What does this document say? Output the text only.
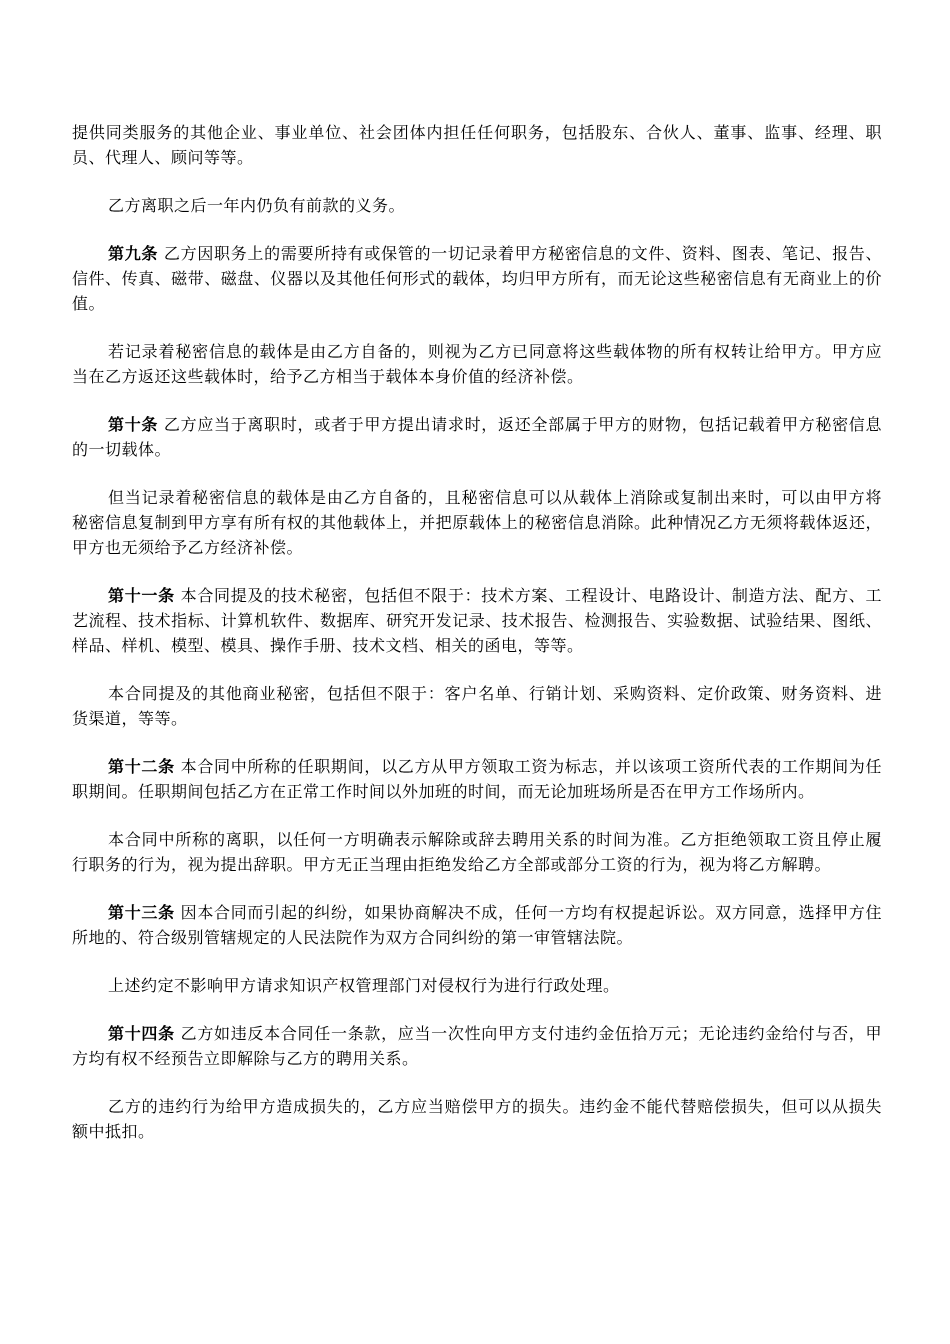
提供同类服务的其他企业、事业单位、社会团体内担任任何职务，包括股东、合伙人、董事、监事、经理、职员、代理人、顾问等等。

乙方离职之后一年内仍负有前款的义务。

第九条 乙方因职务上的需要所持有或保管的一切记录着甲方秘密信息的文件、资料、图表、笔记、报告、信件、传真、磁带、磁盘、仪器以及其他任何形式的载体，均归甲方所有，而无论这些秘密信息有无商业上的价值。

若记录着秘密信息的载体是由乙方自备的，则视为乙方已同意将这些载体物的所有权转让给甲方。甲方应当在乙方返还这些载体时，给予乙方相当于载体本身价值的经济补偿。

第十条 乙方应当于离职时，或者于甲方提出请求时，返还全部属于甲方的财物，包括记载着甲方秘密信息的一切载体。

但当记录着秘密信息的载体是由乙方自备的，且秘密信息可以从载体上消除或复制出来时，可以由甲方将秘密信息复制到甲方享有所有权的其他载体上，并把原载体上的秘密信息消除。此种情况乙方无须将载体返还，甲方也无须给予乙方经济补偿。

第十一条 本合同提及的技术秘密，包括但不限于：技术方案、工程设计、电路设计、制造方法、配方、工艺流程、技术指标、计算机软件、数据库、研究开发记录、技术报告、检测报告、实验数据、试验结果、图纸、样品、样机、模型、模具、操作手册、技术文档、相关的函电，等等。

本合同提及的其他商业秘密，包括但不限于：客户名单、行销计划、采购资料、定价政策、财务资料、进货渠道，等等。

第十二条 本合同中所称的任职期间，以乙方从甲方领取工资为标志，并以该项工资所代表的工作期间为任职期间。任职期间包括乙方在正常工作时间以外加班的时间，而无论加班场所是否在甲方工作场所内。

本合同中所称的离职，以任何一方明确表示解除或辞去聘用关系的时间为准。乙方拒绝领取工资且停止履行职务的行为，视为提出辞职。甲方无正当理由拒绝发给乙方全部或部分工资的行为，视为将乙方解聘。

第十三条 因本合同而引起的纠纷，如果协商解决不成，任何一方均有权提起诉讼。双方同意，选择甲方住所地的、符合级别管辖规定的人民法院作为双方合同纠纷的第一审管辖法院。

上述约定不影响甲方请求知识产权管理部门对侵权行为进行行政处理。

第十四条 乙方如违反本合同任一条款，应当一次性向甲方支付违约金伍拾万元；无论违约金给付与否，甲方均有权不经预告立即解除与乙方的聘用关系。

乙方的违约行为给甲方造成损失的，乙方应当赔偿甲方的损失。违约金不能代替赔偿损失，但可以从损失额中抵扣。
